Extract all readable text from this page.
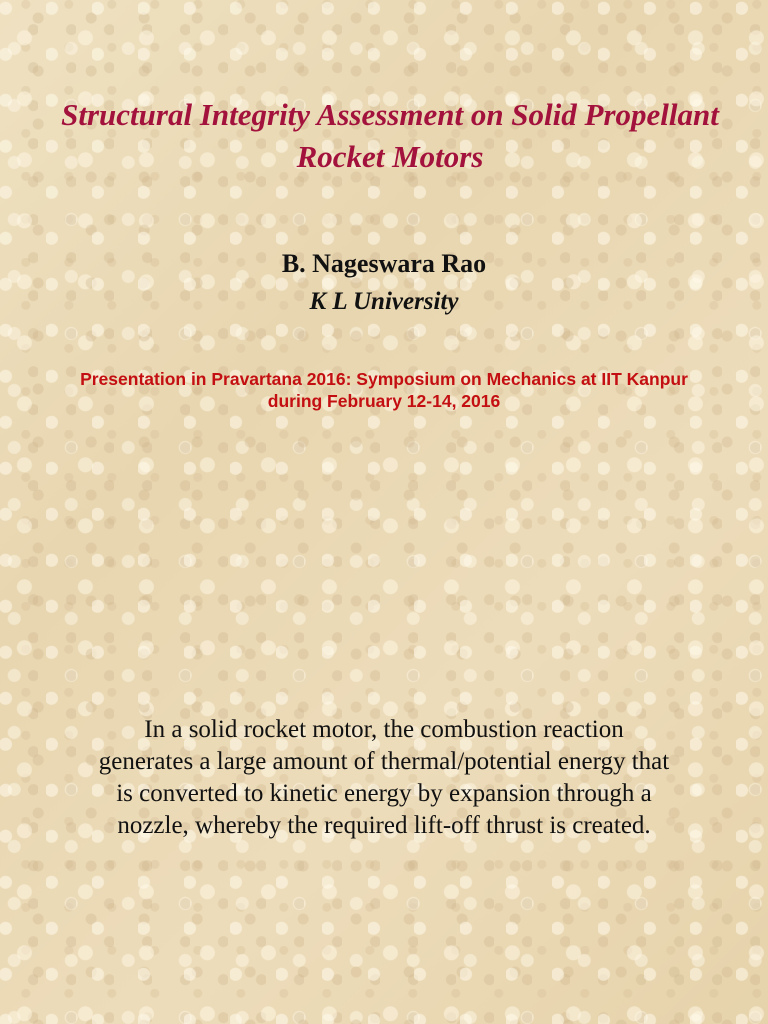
Structural Integrity Assessment on Solid Propellant Rocket Motors
B. Nageswara Rao
K L University
Presentation in Pravartana 2016: Symposium on Mechanics at IIT Kanpur
during February 12-14, 2016
In a solid rocket motor, the combustion reaction
generates a large amount of thermal/potential energy that
is converted to kinetic energy by expansion through a
nozzle, whereby the required lift-off thrust is created.
